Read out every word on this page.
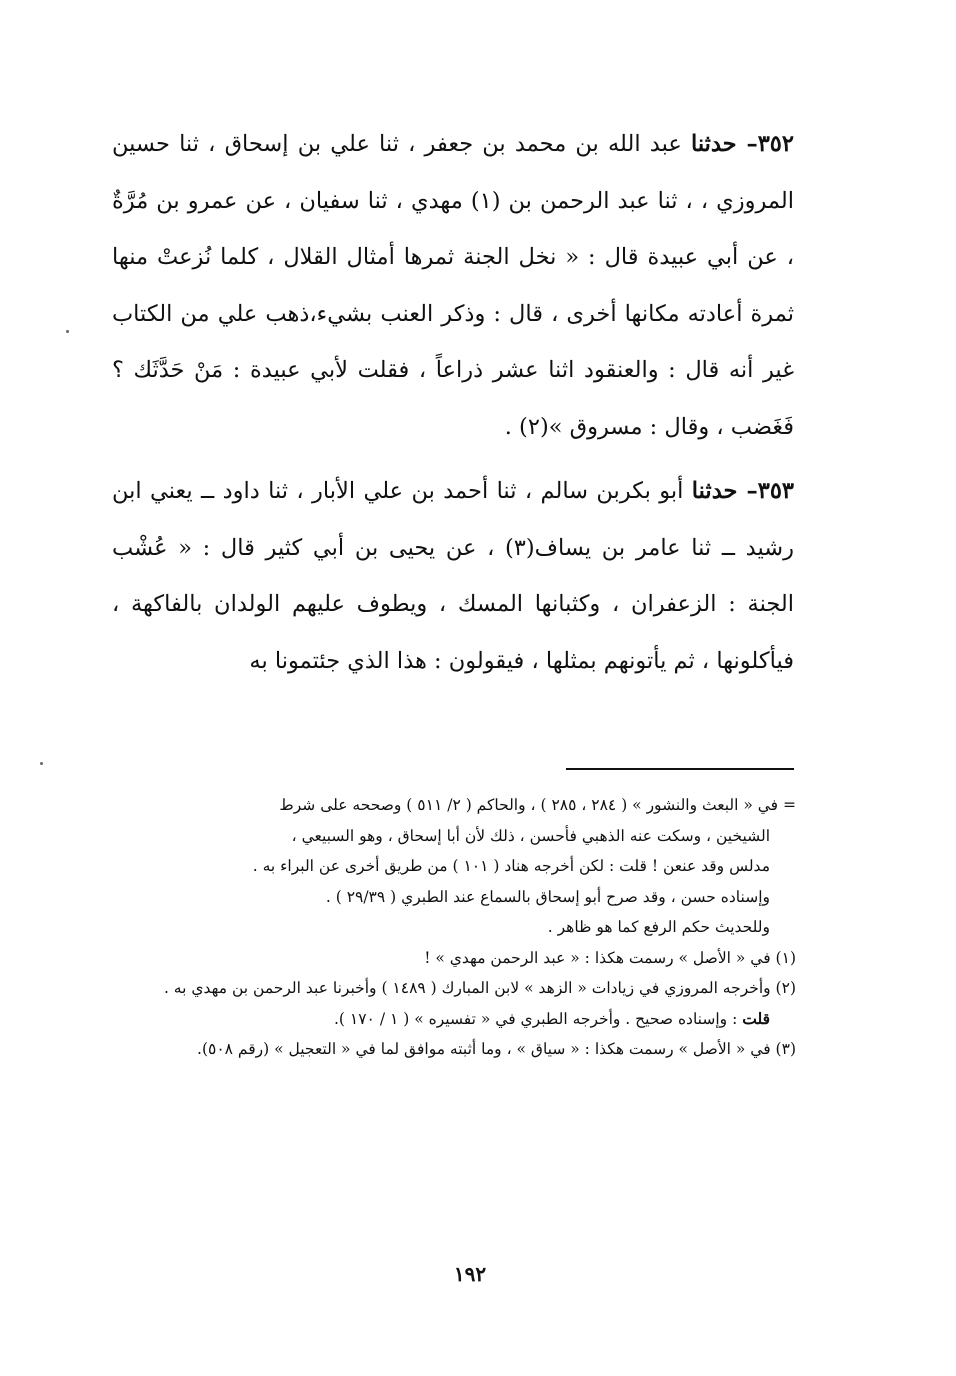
٣٥٢– حدثنا عبد الله بن محمد بن جعفر ، ثنا علي بن إسحاق ، ثنا حسين المروزي ، ، ثنا عبد الرحمن بن (١) مهدي ، ثنا سفيان ، عن عمرو بن مُرَّةٌ ، عن أبي عبيدة قال : « نخل الجنة ثمرها أمثال القلال ، كلما نُزعتْ منها ثمرة أعادته مكانها أخرى ، قال : وذكر العنب بشيء،ذهب علي من الكتاب غير أنه قال : والعنقود اثنا عشر ذراعاً ، فقلت لأبي عبيدة : مَنْ حَدَّثَك ؟ فَغَضب ، وقال : مسروق »(٢) .

٣٥٣– حدثنا أبو بكربن سالم ، ثنا أحمد بن علي الأبار ، ثنا داود ــ يعني ابن رشيد ــ ثنا عامر بن يساف(٣) ، عن يحيى بن أبي كثير قال : « عُشْب الجنة : الزعفران ، وكثبانها المسك ، ويطوف عليهم الولدان بالفاكهة ، فيأكلونها ، ثم يأتونهم بمثلها ، فيقولون : هذا الذي جئتمونا به

= في « البعث والنشور » ( ٢٨٤ ، ٢٨٥ ) ، والحاكم ( ٢/ ٥١١ ) وصححه على شرط

الشيخين ، وسكت عنه الذهبي فأحسن ، ذلك لأن أبا إسحاق ، وهو السبيعي ،

مدلس وقد عنعن ! قلت : لكن أخرجه هناد ( ١٠١ ) من طريق أخرى عن البراء به .

وإسناده حسن ، وقد صرح أبو إسحاق بالسماع عند الطبري ( ٢٩/٣٩ ) .

وللحديث حكم الرفع كما هو ظاهر .

(١) في « الأصل » رسمت هكذا : « عبد الرحمن مهدي » !

(٢) وأخرجه المروزي في زيادات « الزهد » لابن المبارك ( ١٤٨٩ ) وأخبرنا عبد الرحمن بن مهدي به .

قلت : وإسناده صحيح . وأخرجه الطبري في « تفسيره » ( ١ / ١٧٠ ).

(٣) في « الأصل » رسمت هكذا : « سياق » ، وما أثبته موافق لما في « التعجيل » (رقم ٥٠٨).

١٩٢
